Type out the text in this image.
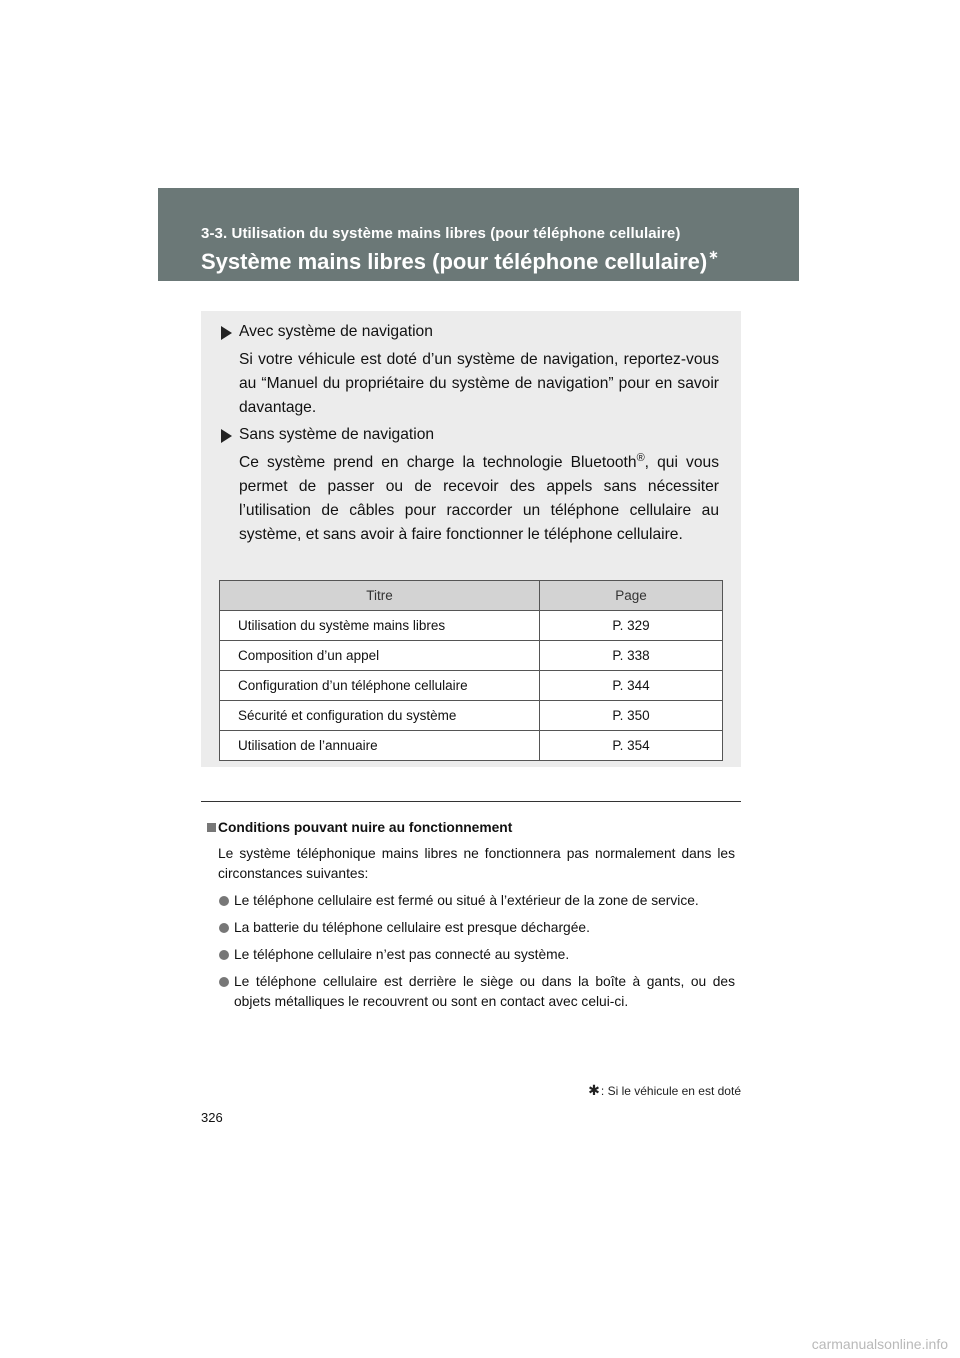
3-3. Utilisation du système mains libres (pour téléphone cellulaire)
Système mains libres (pour téléphone cellulaire)∗
Avec système de navigation
Si votre véhicule est doté d’un système de navigation, reportez-vous au “Manuel du propriétaire du système de navigation” pour en savoir davantage.
Sans système de navigation
Ce système prend en charge la technologie Bluetooth®, qui vous permet de passer ou de recevoir des appels sans nécessiter l’utilisation de câbles pour raccorder un téléphone cellulaire au système, et sans avoir à faire fonctionner le téléphone cellulaire.
Titre	Page
Utilisation du système mains libres	P. 329
Composition d’un appel	P. 338
Configuration d’un téléphone cellulaire	P. 344
Sécurité et configuration du système	P. 350
Utilisation de l’annuaire	P. 354
Conditions pouvant nuire au fonctionnement
Le système téléphonique mains libres ne fonctionnera pas normalement dans les circonstances suivantes:
Le téléphone cellulaire est fermé ou situé à l’extérieur de la zone de service.
La batterie du téléphone cellulaire est presque déchargée.
Le téléphone cellulaire n’est pas connecté au système.
Le téléphone cellulaire est derrière le siège ou dans la boîte à gants, ou des objets métalliques le recouvrent ou sont en contact avec celui-ci.
✱: Si le véhicule en est doté
326
carmanualsonline.info
